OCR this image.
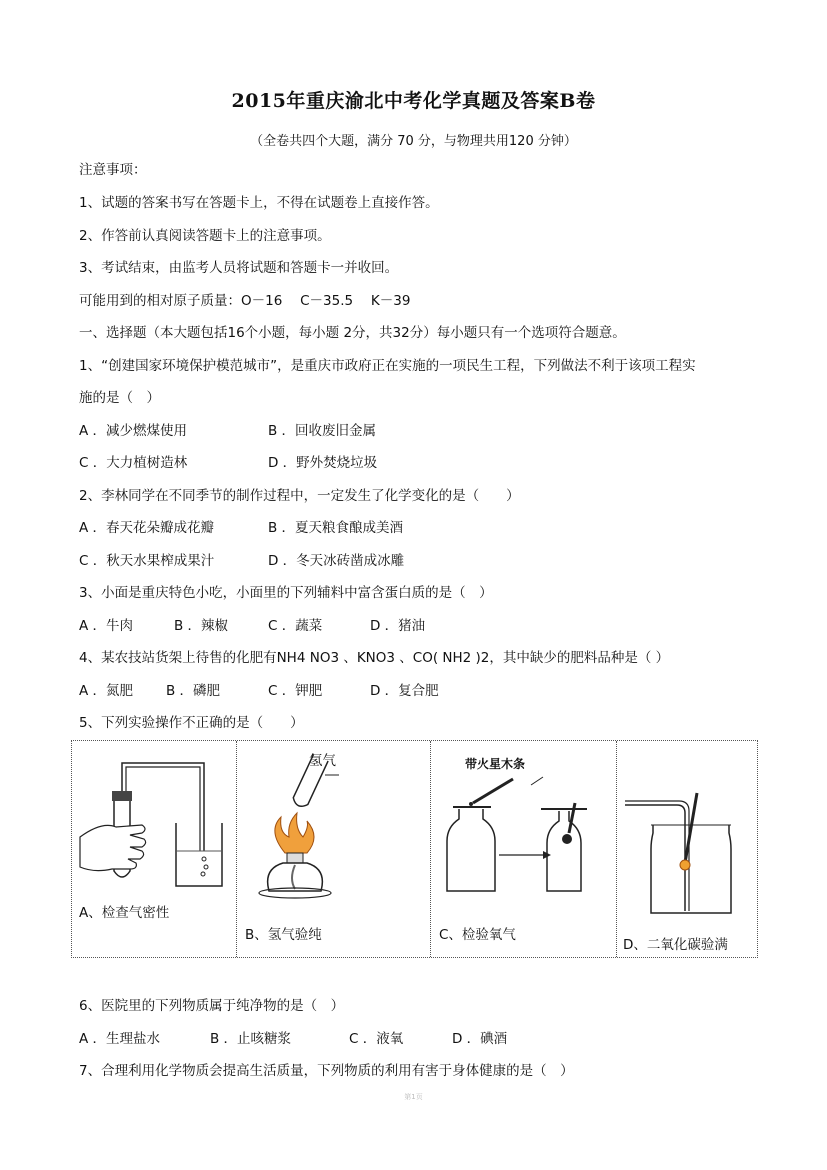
2015年重庆渝北中考化学真题及答案B卷
（全卷共四个大题，满分 70 分，与物理共用120 分钟）
注意事项：
1、试题的答案书写在答题卡上，不得在试题卷上直接作答。
2、作答前认真阅读答题卡上的注意事项。
3、考试结束，由监考人员将试题和答题卡一并收回。
可能用到的相对原子质量：O－16　 C－35.5　 K－39
一、选择题（本大题包括16个小题，每小题 2分，共32分）每小题只有一个选项符合题意。
1、“创建国家环境保护模范城市”，是重庆市政府正在实施的一项民生工程，下列做法不利于该项工程实
施的是（　）
A ．减少燃煤使用	B ．回收废旧金属
C ．大力植树造林	D ．野外焚烧垃圾
2、李林同学在不同季节的制作过程中，一定发生了化学变化的是（　　）
A ．春天花朵瓣成花瓣	B ．夏天粮食酿成美酒
C ．秋天水果榨成果汁	D ．冬天冰砖凿成冰雕
3、小面是重庆特色小吃，小面里的下列辅料中富含蛋白质的是（　）
A ．牛肉	B ．辣椒	C ．蔬菜	D ．猪油
4、某农技站货架上待售的化肥有NH4 NO3 、KNO3 、CO( NH2 )2，其中缺少的肥料品种是（ ）
A ．氮肥 B ．磷肥	C ．钾肥	D ．复合肥
5、下列实验操作不正确的是（　　）
A、检查气密性
氢气
B、氢气验纯
带火星木条
C、检验氧气
D、二氧化碳验满
6、医院里的下列物质属于纯净物的是（　）
A ．生理盐水	B ．止咳糖浆	C ．液氧	D ．碘酒
7、合理利用化学物质会提高生活质量，下列物质的利用有害于身体健康的是（　）
第1页
